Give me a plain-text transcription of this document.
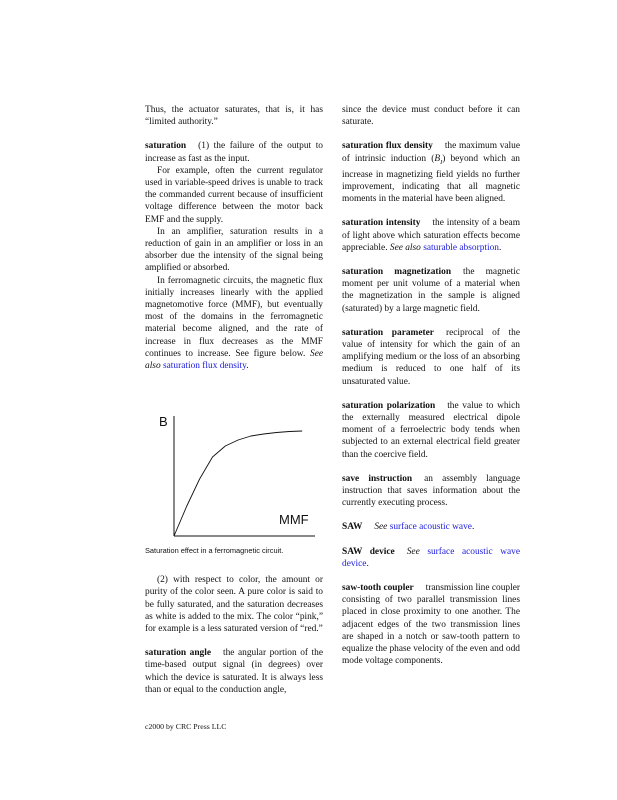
Thus, the actuator saturates, that is, it has “limited authority.”

saturation (1) the failure of the output to increase as fast as the input.

For example, often the current regulator used in variable-speed drives is unable to track the commanded current because of insufficient voltage difference between the motor back EMF and the supply.

In an amplifier, saturation results in a reduction of gain in an amplifier or loss in an absorber due the intensity of the signal being amplified or absorbed.

In ferromagnetic circuits, the magnetic flux initially increases linearly with the applied magnetomotive force (MMF), but eventually most of the domains in the ferromagnetic material become aligned, and the rate of increase in flux decreases as the MMF continues to increase. See figure below. See also saturation flux density.

B
MMF
Saturation effect in a ferromagnetic circuit.

(2) with respect to color, the amount or purity of the color seen. A pure color is said to be fully saturated, and the saturation decreases as white is added to the mix. The color “pink,” for example is a less saturated version of “red.”

saturation angle the angular portion of the time-based output signal (in degrees) over which the device is saturated. It is always less than or equal to the conduction angle,

since the device must conduct before it can saturate.

saturation flux density the maximum value of intrinsic induction $(B_I)$ beyond which an increase in magnetizing field yields no further improvement, indicating that all magnetic moments in the material have been aligned.

saturation intensity the intensity of a beam of light above which saturation effects become appreciable. See also saturable absorption.

saturation magnetization the magnetic moment per unit volume of a material when the magnetization in the sample is aligned (saturated) by a large magnetic field.

saturation parameter reciprocal of the value of intensity for which the gain of an amplifying medium or the loss of an absorbing medium is reduced to one half of its unsaturated value.

saturation polarization the value to which the externally measured electrical dipole moment of a ferroelectric body tends when subjected to an external electrical field greater than the coercive field.

save instruction an assembly language instruction that saves information about the currently executing process.

SAW See surface acoustic wave.

SAW device See surface acoustic wave device.

saw-tooth coupler transmission line coupler consisting of two parallel transmission lines placed in close proximity to one another. The adjacent edges of the two transmission lines are shaped in a notch or saw-tooth pattern to equalize the phase velocity of the even and odd mode voltage components.

c2000 by CRC Press LLC
